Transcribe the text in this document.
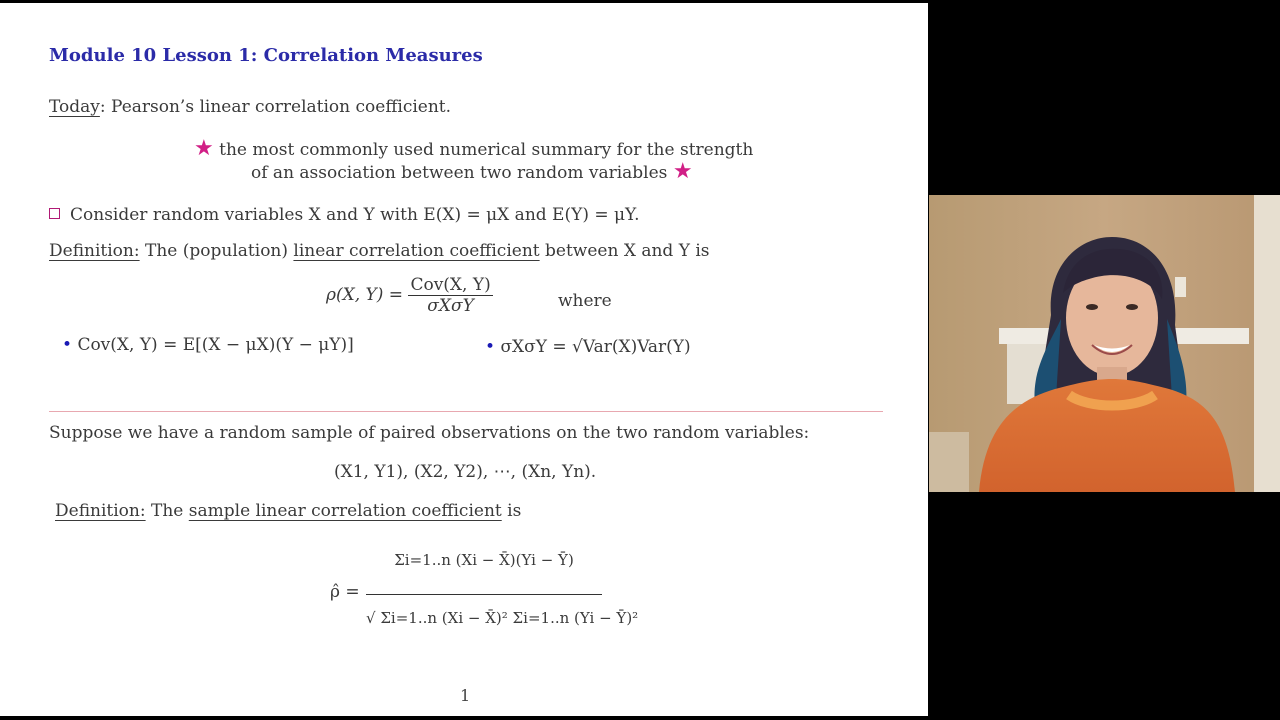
Module 10 Lesson 1: Correlation Measures
Today: Pearson’s linear correlation coefficient.
★ the most commonly used numerical summary for the strength
of an association between two random variables ★
Consider random variables X and Y with E(X) = μX and E(Y) = μY.
Definition: The (population) linear correlation coefficient between X and Y is
ρ(X, $Y) = \frac{\text{Cov(X, Y)}}{\text{σXσY}}$	where
• Cov(X, Y) = E[(X − μX)(Y − μY)]	• σXσY = √Var(X)Var(Y)
Suppose we have a random sample of paired observations on the two random variables:
(X1, Y1), (X2, Y2), ⋯, (Xn, Yn).
Definition: The sample linear correlation coefficient is
ρ̂ =
Σi=1..n (Xi − X̄)(Yi − Ȳ)
√ Σi=1..n (Xi − X̄)² Σi=1..n (Yi − Ȳ)²
1
